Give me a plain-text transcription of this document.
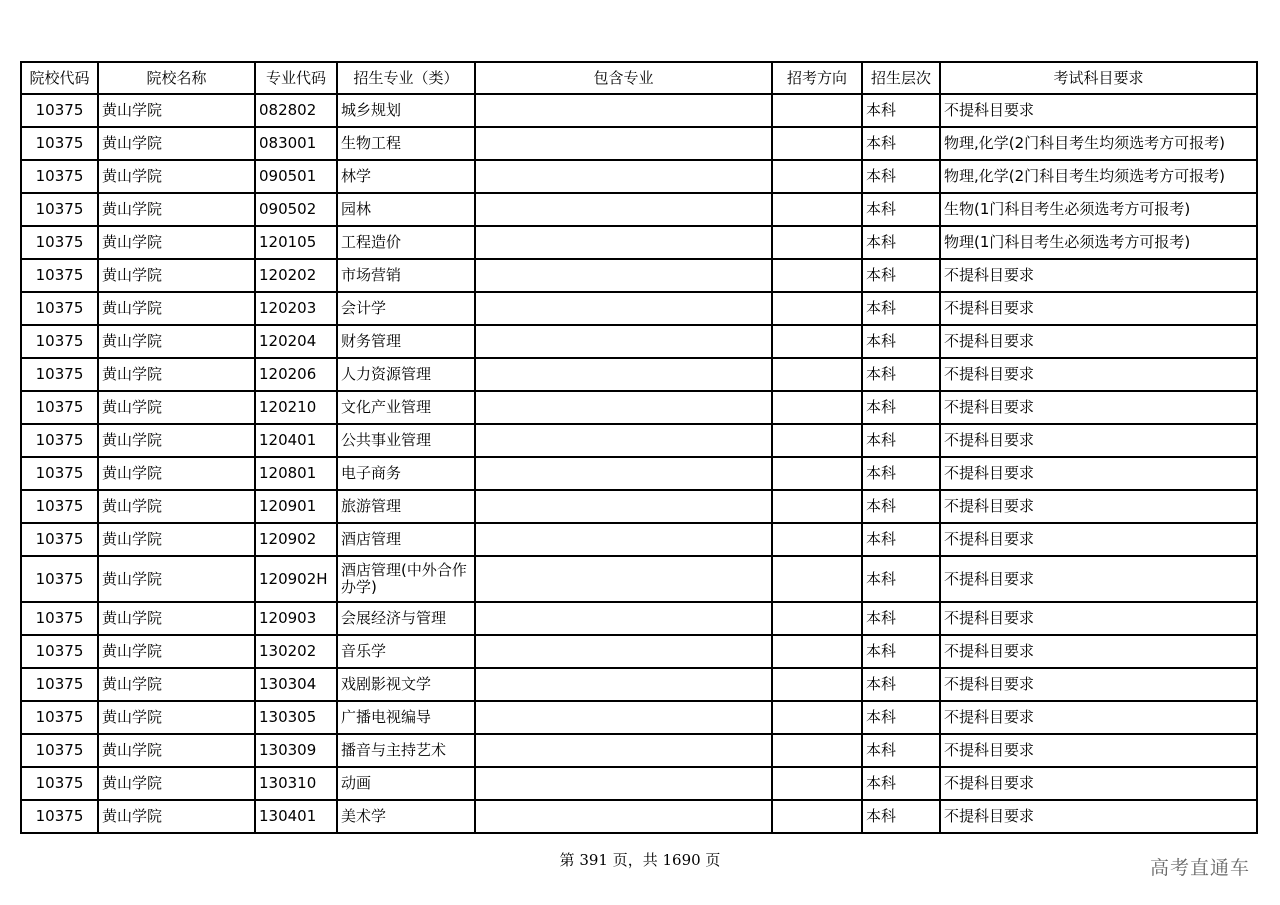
院校代码	院校名称	专业代码	招生专业（类）	包含专业	招考方向	招生层次	考试科目要求
10375	黄山学院	082802	城乡规划			本科	不提科目要求
10375	黄山学院	083001	生物工程			本科	物理,化学(2门科目考生均须选考方可报考)
10375	黄山学院	090501	林学			本科	物理,化学(2门科目考生均须选考方可报考)
10375	黄山学院	090502	园林			本科	生物(1门科目考生必须选考方可报考)
10375	黄山学院	120105	工程造价			本科	物理(1门科目考生必须选考方可报考)
10375	黄山学院	120202	市场营销			本科	不提科目要求
10375	黄山学院	120203	会计学			本科	不提科目要求
10375	黄山学院	120204	财务管理			本科	不提科目要求
10375	黄山学院	120206	人力资源管理			本科	不提科目要求
10375	黄山学院	120210	文化产业管理			本科	不提科目要求
10375	黄山学院	120401	公共事业管理			本科	不提科目要求
10375	黄山学院	120801	电子商务			本科	不提科目要求
10375	黄山学院	120901	旅游管理			本科	不提科目要求
10375	黄山学院	120902	酒店管理			本科	不提科目要求
10375	黄山学院	120902H	酒店管理(中外合作办学)			本科	不提科目要求
10375	黄山学院	120903	会展经济与管理			本科	不提科目要求
10375	黄山学院	130202	音乐学			本科	不提科目要求
10375	黄山学院	130304	戏剧影视文学			本科	不提科目要求
10375	黄山学院	130305	广播电视编导			本科	不提科目要求
10375	黄山学院	130309	播音与主持艺术			本科	不提科目要求
10375	黄山学院	130310	动画			本科	不提科目要求
10375	黄山学院	130401	美术学			本科	不提科目要求
第 391 页，共 1690 页	高考直通车
